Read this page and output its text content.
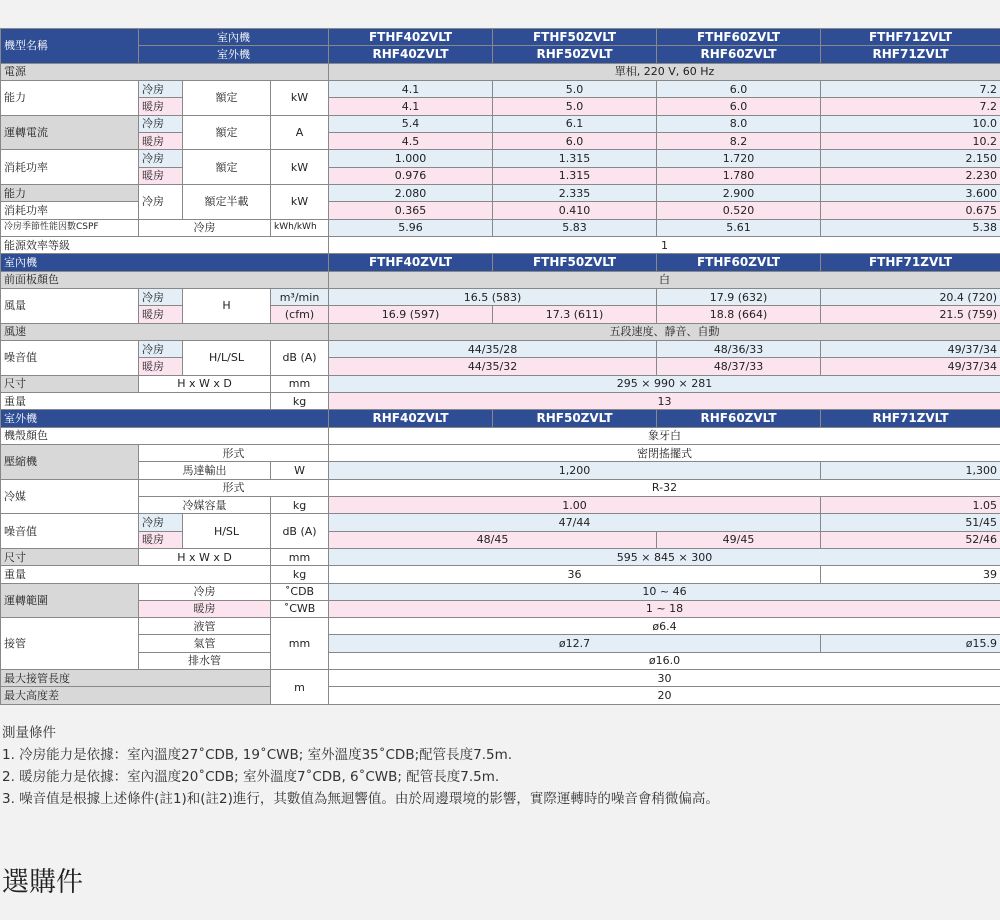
機型名稱	室內機			FTHF40ZVLT	FTHF50ZVLT	FTHF60ZVLT	FTHF71ZVLT
	室外機			RHF40ZVLT	RHF50ZVLT	RHF60ZVLT	RHF71ZVLT
電源				單相, 220 V, 60 Hz			
能力	冷房	額定	kW	4.1	5.0	6.0	7.2
	暖房			4.1	5.0	6.0	7.2
運轉電流	冷房	額定	A	5.4	6.1	8.0	10.0
	暖房			4.5	6.0	8.2	10.2
消耗功率	冷房	額定	kW	1.000	1.315	1.720	2.150
	暖房			0.976	1.315	1.780	2.230
能力	冷房	額定半載	kW	2.080	2.335	2.900	3.600
消耗功率				0.365	0.410	0.520	0.675
冷房季節性能因數CSPF	冷房		kWh/kWh	5.96	5.83	5.61	5.38
能源效率等級				1			
室內機				FTHF40ZVLT	FTHF50ZVLT	FTHF60ZVLT	FTHF71ZVLT
前面板顏色				白			
風量	冷房	H	m³/min	16.5 (583)		17.9 (632)	20.4 (720)
	暖房		(cfm)	16.9 (597)	17.3 (611)	18.8 (664)	21.5 (759)
風速				五段速度、靜音、自動			
噪音值	冷房	H/L/SL	dB (A)	44/35/28		48/36/33	49/37/34
	暖房			44/35/32		48/37/33	49/37/34
尺寸	H x W x D		mm	295 × 990 × 281			
重量			kg	13			
室外機				RHF40ZVLT	RHF50ZVLT	RHF60ZVLT	RHF71ZVLT
機殼顏色				象牙白			
壓縮機	形式			密閉搖擺式			
	馬達輸出		W	1,200			1,300
冷媒	形式			R-32			
	冷媒容量		kg	1.00			1.05
噪音值	冷房	H/SL	dB (A)	47/44			51/45
	暖房			48/45		49/45	52/46
尺寸	H x W x D		mm	595 × 845 × 300			
重量			kg	36			39
運轉範圍	冷房		˚CDB	10 ~ 46			
	暖房		˚CWB	1 ~ 18			
接管	液管		mm	ø6.4			
	氣管			ø12.7			ø15.9
	排水管			ø16.0			
最大接管長度			m	30			
最大高度差				20			
測量條件
1. 冷房能力是依據：室內溫度27˚CDB, 19˚CWB; 室外溫度35˚CDB;配管長度7.5m.
2. 暖房能力是依據：室內溫度20˚CDB; 室外溫度7˚CDB, 6˚CWB; 配管長度7.5m.
3. 噪音值是根據上述條件(註1)和(註2)進行，其數值為無迴響值。由於周邊環境的影響，實際運轉時的噪音會稍微偏高。
選購件
